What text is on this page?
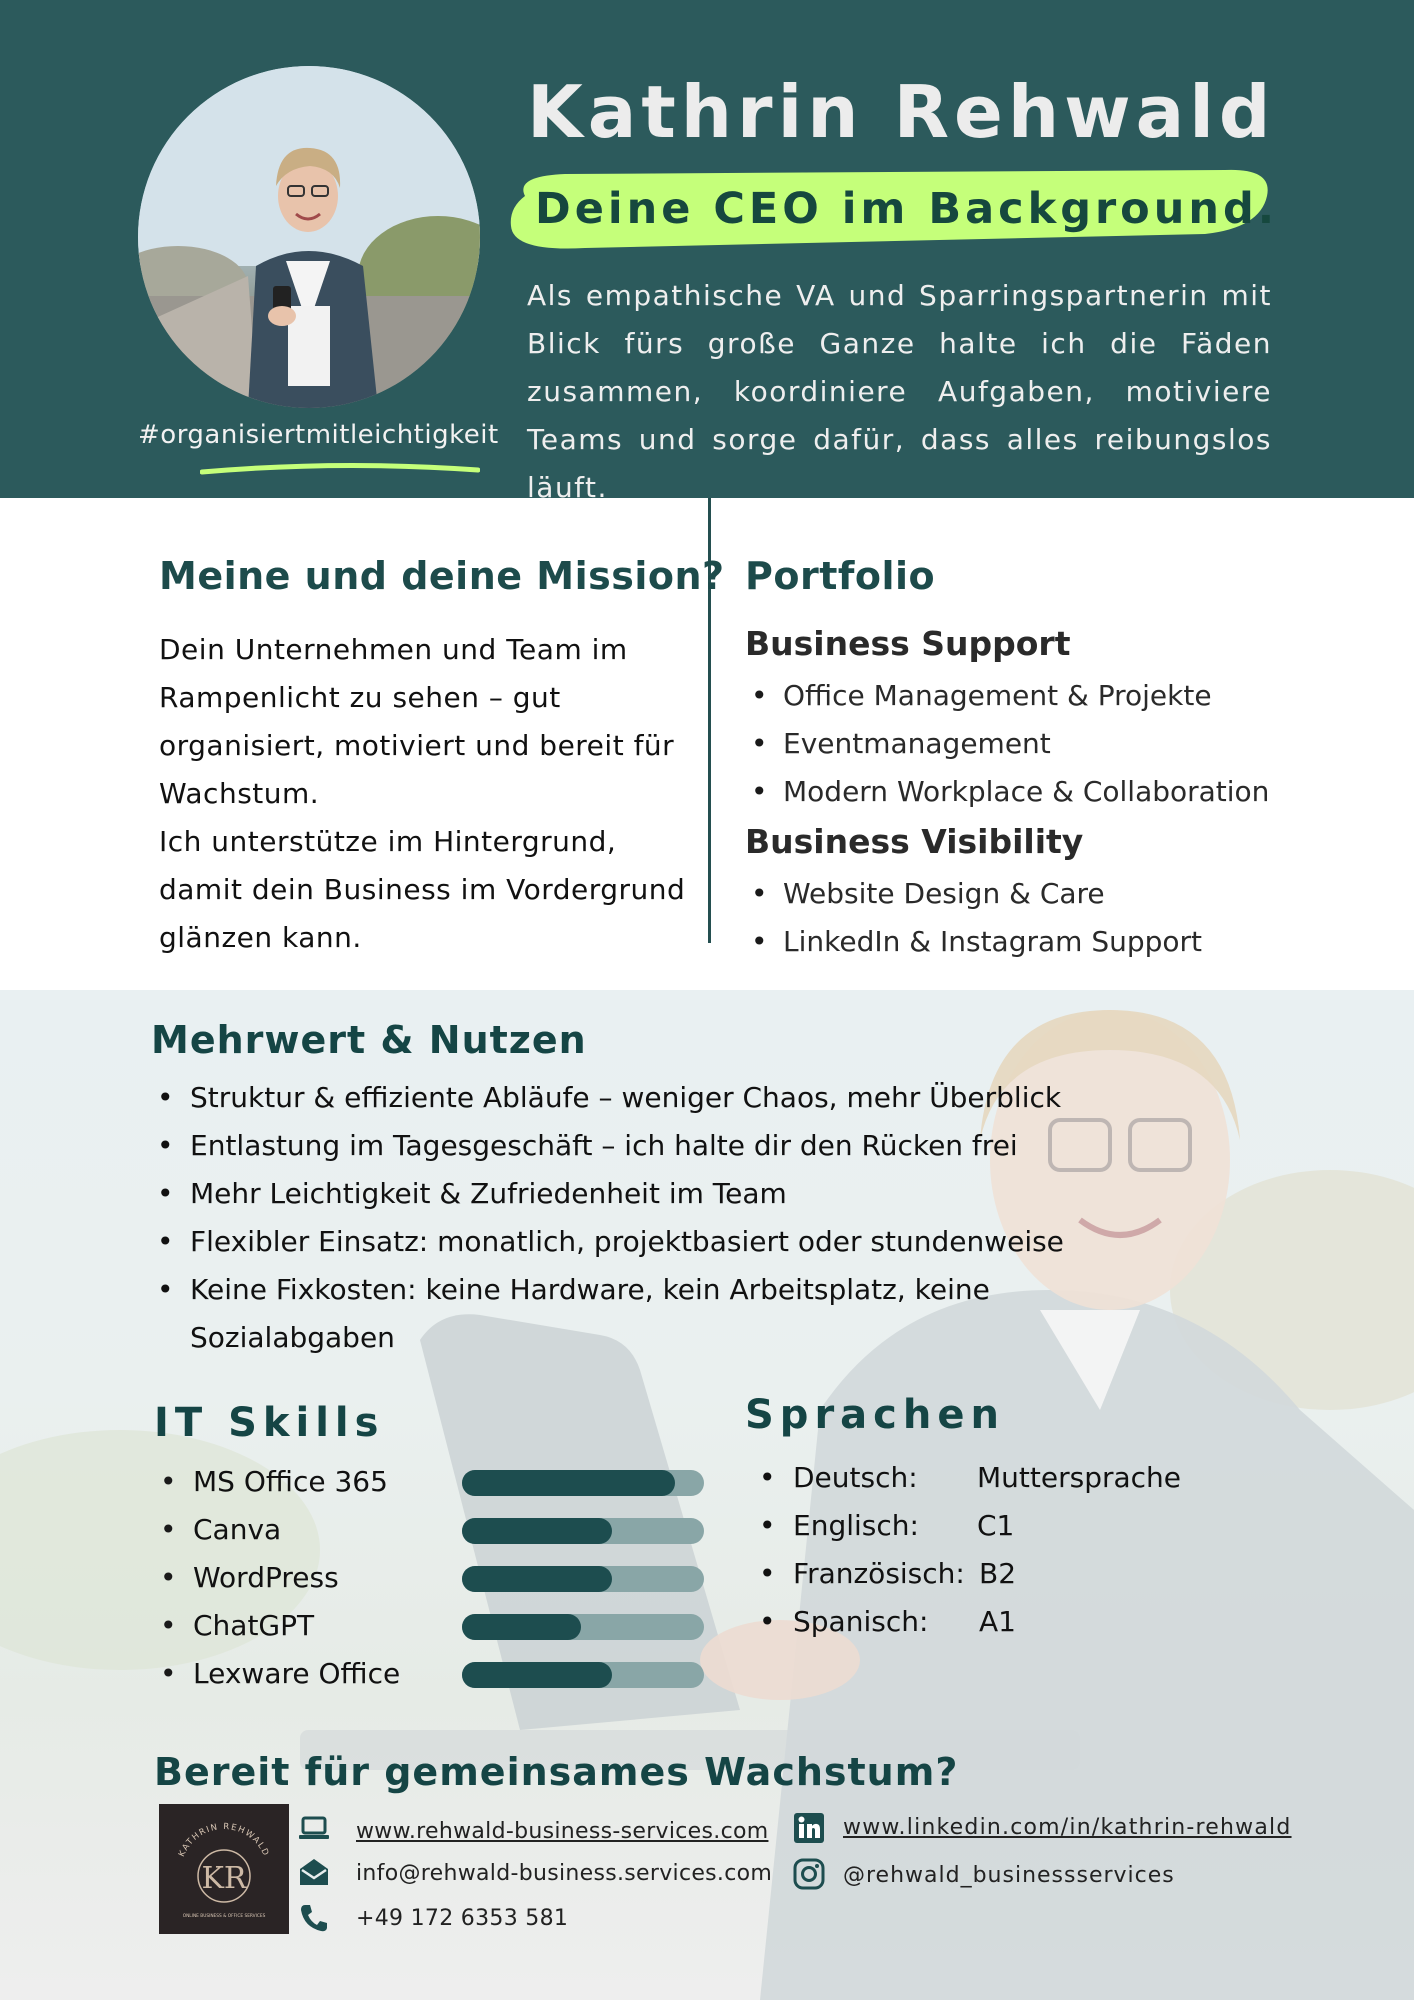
#organisiertmitleichtigkeit
Kathrin Rehwald
Deine CEO im Background.
Als empathische VA und Sparringspartnerin mit Blick fürs große Ganze halte ich die Fäden zusammen, koordiniere Aufgaben, motiviere Teams und sorge dafür, dass alles reibungslos läuft.
Meine und deine Mission?
Dein Unternehmen und Team im Rampenlicht zu sehen – gut organisiert, motiviert und bereit für Wachstum.
Ich unterstütze im Hintergrund, damit dein Business im Vordergrund glänzen kann.
Portfolio
Business Support
• Office Management & Projekte
• Eventmanagement
• Modern Workplace & Collaboration
Business Visibility
• Website Design & Care
• LinkedIn & Instagram Support
Mehrwert & Nutzen
• Struktur & effiziente Abläufe – weniger Chaos, mehr Überblick
• Entlastung im Tagesgeschäft – ich halte dir den Rücken frei
• Mehr Leichtigkeit & Zufriedenheit im Team
• Flexibler Einsatz: monatlich, projektbasiert oder stundenweise
• Keine Fixkosten: keine Hardware, kein Arbeitsplatz, keine Sozialabgaben
IT Skills
• MS Office 365
• Canva
• WordPress
• ChatGPT
• Lexware Office
Sprachen
• Deutsch: Muttersprache
• Englisch: C1
• Französisch: B2
• Spanisch: A1
Bereit für gemeinsames Wachstum?
KATHRIN REHWALD
KR
ONLINE BUSINESS & OFFICE SERVICES
www.rehwald-business-services.com
info@rehwald-business.services.com
+49 172 6353 581
www.linkedin.com/in/kathrin-rehwald
@rehwald_businessservices
